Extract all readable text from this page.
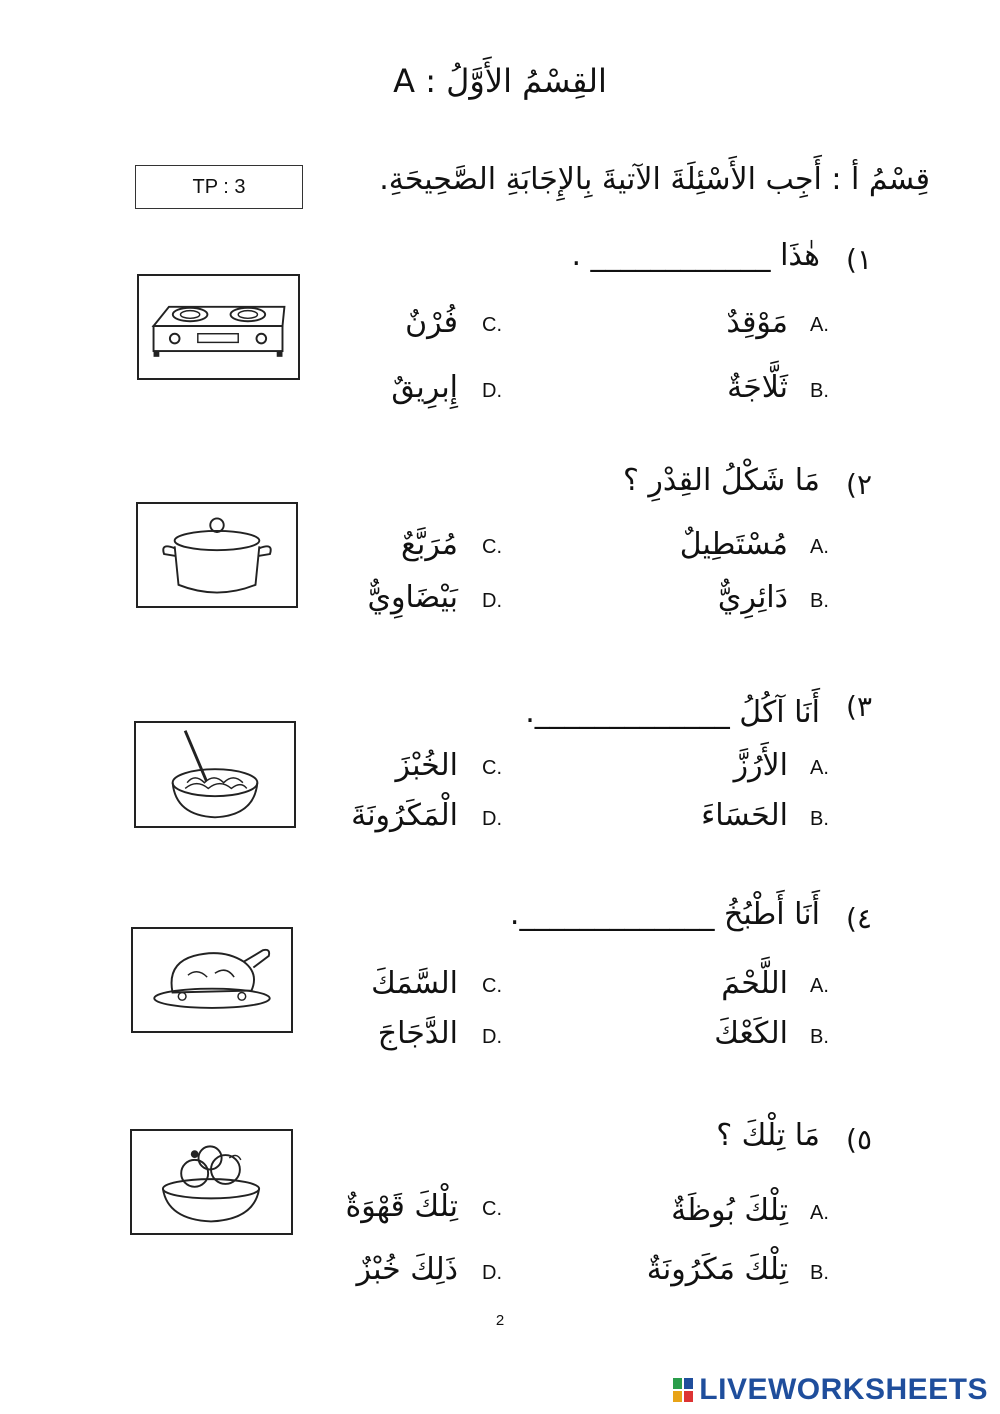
القِسْمُ الأَوَّلُ : A
TP : 3	قِسْمُ أ : أَجِب الأَسْئِلَةَ الآتيةَ بِالإِجَابَةِ الصَّحِيحَةِ.
١)
هٰذَا ____________ .
A.
مَوْقِدٌ
B.
ثَلَّاجَةٌ
C.
فُرْنٌ
D.
إِبرِيقٌ
٢)
مَا شَكْلُ القِدْرِ ؟
A.
مُسْتَطِيلٌ
B.
دَائِرِيٌّ
C.
مُرَبَّعٌ
D.
بَيْضَاوِيٌّ
٣)
أَنَا آكُلُ _____________.
A.
الأَرُزَّ
B.
الحَسَاءَ
C.
الخُبْزَ
D.
الْمَكَرُونَةَ
٤)
أَنَا أَطْبُخُ _____________.
A.
اللَّحْمَ
B.
الكَعْكَ
C.
السَّمَكَ
D.
الدَّجَاجَ
٥)
مَا تِلْكَ ؟
A.
تِلْكَ بُوظَةٌ
B.
تِلْكَ مَكَرُونَةٌ
C.
تِلْكَ قَهْوَةٌ
D.
ذَلِكَ خُبْزٌ
2
LIVEWORKSHEETS
